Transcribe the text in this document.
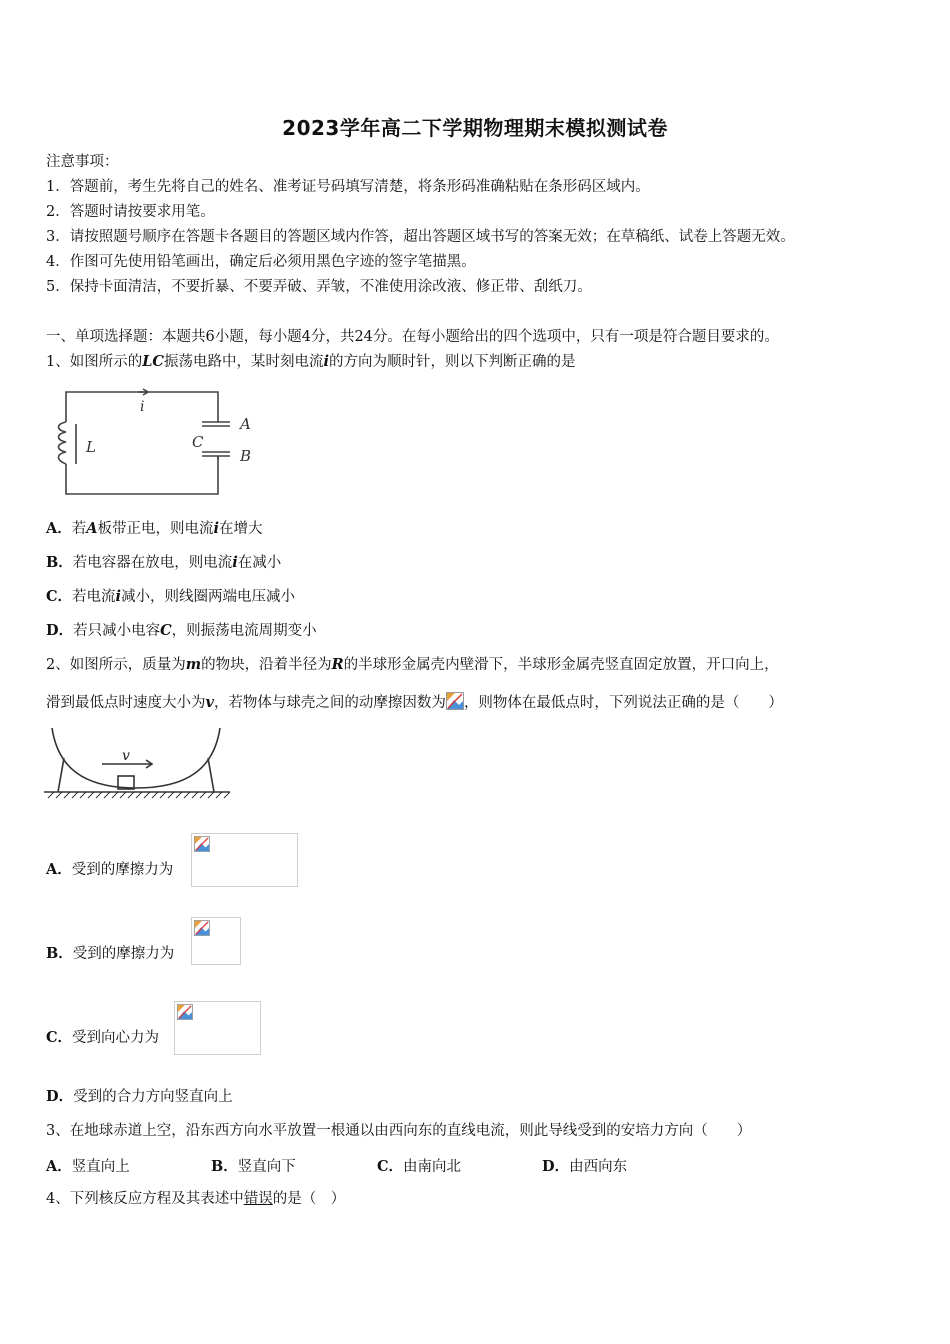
2023学年高二下学期物理期末模拟测试卷
注意事项：
1．答题前，考生先将自己的姓名、准考证号码填写清楚，将条形码准确粘贴在条形码区域内。
2．答题时请按要求用笔。
3．请按照题号顺序在答题卡各题目的答题区域内作答，超出答题区域书写的答案无效；在草稿纸、试卷上答题无效。
4．作图可先使用铅笔画出，确定后必须用黑色字迹的签字笔描黑。
5．保持卡面清洁，不要折暴、不要弄破、弄皱，不准使用涂改液、修正带、刮纸刀。
一、单项选择题：本题共6小题，每小题4分，共24分。在每小题给出的四个选项中，只有一项是符合题目要求的。
1、如图所示的LC振荡电路中，某时刻电流i的方向为顺时针，则以下判断正确的是
i
L	C
A
B
A．若A板带正电，则电流i在增大
B．若电容器在放电，则电流i在减小
C．若电流i减小，则线圈两端电压减小
D．若只减小电容C，则振荡电流周期变小
2、如图所示，质量为m的物块，沿着半径为R的半球形金属壳内壁滑下，半球形金属壳竖直固定放置，开口向上，
滑到最低点时速度大小为v，若物体与球壳之间的动摩擦因数为 ，则物体在最低点时，下列说法正确的是（　　）
v
A．受到的摩擦力为
B．受到的摩擦力为
C．受到向心力为
D．受到的合力方向竖直向上
3、在地球赤道上空，沿东西方向水平放置一根通以由西向东的直线电流，则此导线受到的安培力方向（　　）
A．竖直向上	B．竖直向下	C．由南向北	D．由西向东
4、下列核反应方程及其表述中错误的是（　）
